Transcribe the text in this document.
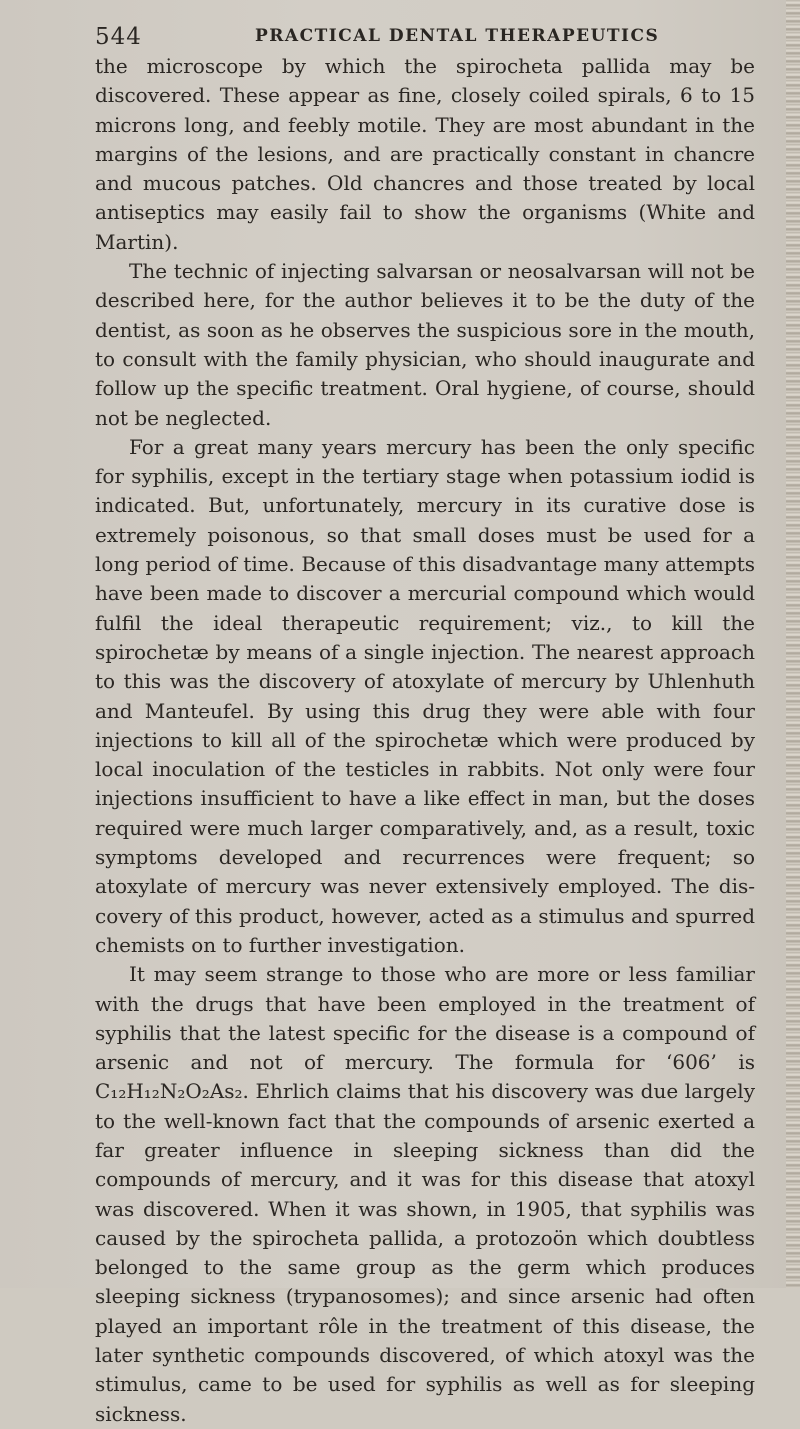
544	PRACTICAL DENTAL THERAPEUTICS

the microscope by which the spirocheta pallida may be discovered. These appear as fine, closely coiled spirals, 6 to 15 microns long, and feebly motile. They are most abundant in the margins of the lesions, and are practically constant in chancre and mucous patches. Old chancres and those treated by local antiseptics may easily fail to show the organisms (White and Martin).

The technic of injecting salvarsan or neosalvarsan will not be described here, for the author believes it to be the duty of the dentist, as soon as he observes the suspicious sore in the mouth, to consult with the family physician, who should inaugurate and follow up the specific treatment. Oral hygiene, of course, should not be neglected.

For a great many years mercury has been the only specific for syphilis, except in the tertiary stage when potassium iodid is indicated. But, unfortunately, mercury in its curative dose is extremely poisonous, so that small doses must be used for a long period of time. Because of this disadvantage many attempts have been made to discover a mercurial compound which would fulfil the ideal therapeutic requirement; viz., to kill the spirochetæ by means of a single injection. The nearest approach to this was the discovery of atoxylate of mercury by Uhlenhuth and Manteufel. By using this drug they were able with four injections to kill all of the spirochetæ which were produced by local inoculation of the testicles in rabbits. Not only were four injections insufficient to have a like effect in man, but the doses required were much larger comparatively, and, as a result, toxic symptoms developed and recurrences were frequent; so atoxylate of mercury was never extensively employed. The discovery of this product, however, acted as a stimulus and spurred chemists on to further investigation.

It may seem strange to those who are more or less familiar with the drugs that have been employed in the treatment of syphilis that the latest specific for the disease is a compound of arsenic and not of mercury. The formula for ‘606’ is C₁₂H₁₂N₂O₂As₂. Ehrlich claims that his discovery was due largely to the well-known fact that the compounds of arsenic exerted a far greater influence in sleeping sickness than did the compounds of mercury, and it was for this disease that atoxyl was discovered. When it was shown, in 1905, that syphilis was caused by the spirocheta pallida, a protozoön which doubtless belonged to the same group as the germ which produces sleeping sickness (trypanosomes); and since arsenic had often played an important rôle in the treatment of this disease, the later synthetic compounds discovered, of which atoxyl was the stimulus, came to be used for syphilis as well as for sleeping sickness.
